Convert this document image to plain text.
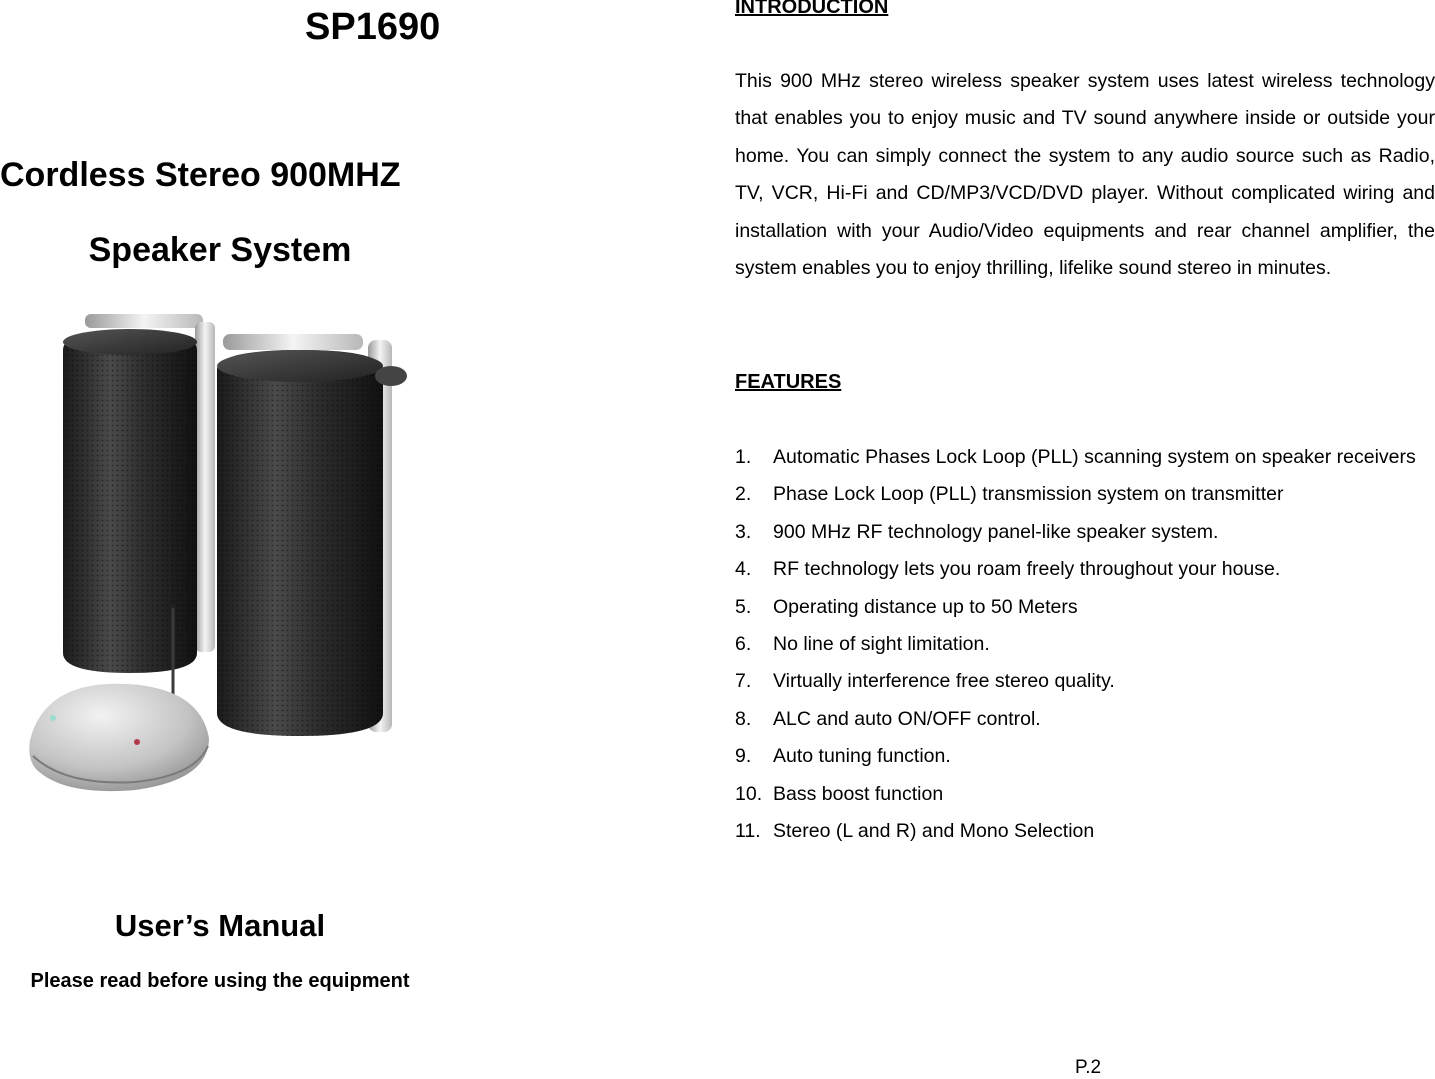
SP1690
Cordless Stereo 900MHZ
Speaker System
User’s Manual

Please read before using the equipment

INTRODUCTION

This 900 MHz stereo wireless speaker system uses latest wireless technology that enables you to enjoy music and TV sound anywhere inside or outside your home. You can simply connect the system to any audio source such as Radio, TV, VCR, Hi-Fi and CD/MP3/VCD/DVD player. Without complicated wiring and installation with your Audio/Video equipments and rear channel amplifier, the system enables you to enjoy thrilling, lifelike sound stereo in minutes.

FEATURES
1.	Automatic Phases Lock Loop (PLL) scanning system on speaker receivers
2.	Phase Lock Loop (PLL) transmission system on transmitter
3.	900 MHz RF technology panel-like speaker system.
4.	RF technology lets you roam freely throughout your house.
5.	Operating distance up to 50 Meters
6.	No line of sight limitation.
7.	Virtually interference free stereo quality.
8.	ALC and auto ON/OFF control.
9.	Auto tuning function.
10. Bass boost function
11. Stereo (L and R) and Mono Selection

P.2
